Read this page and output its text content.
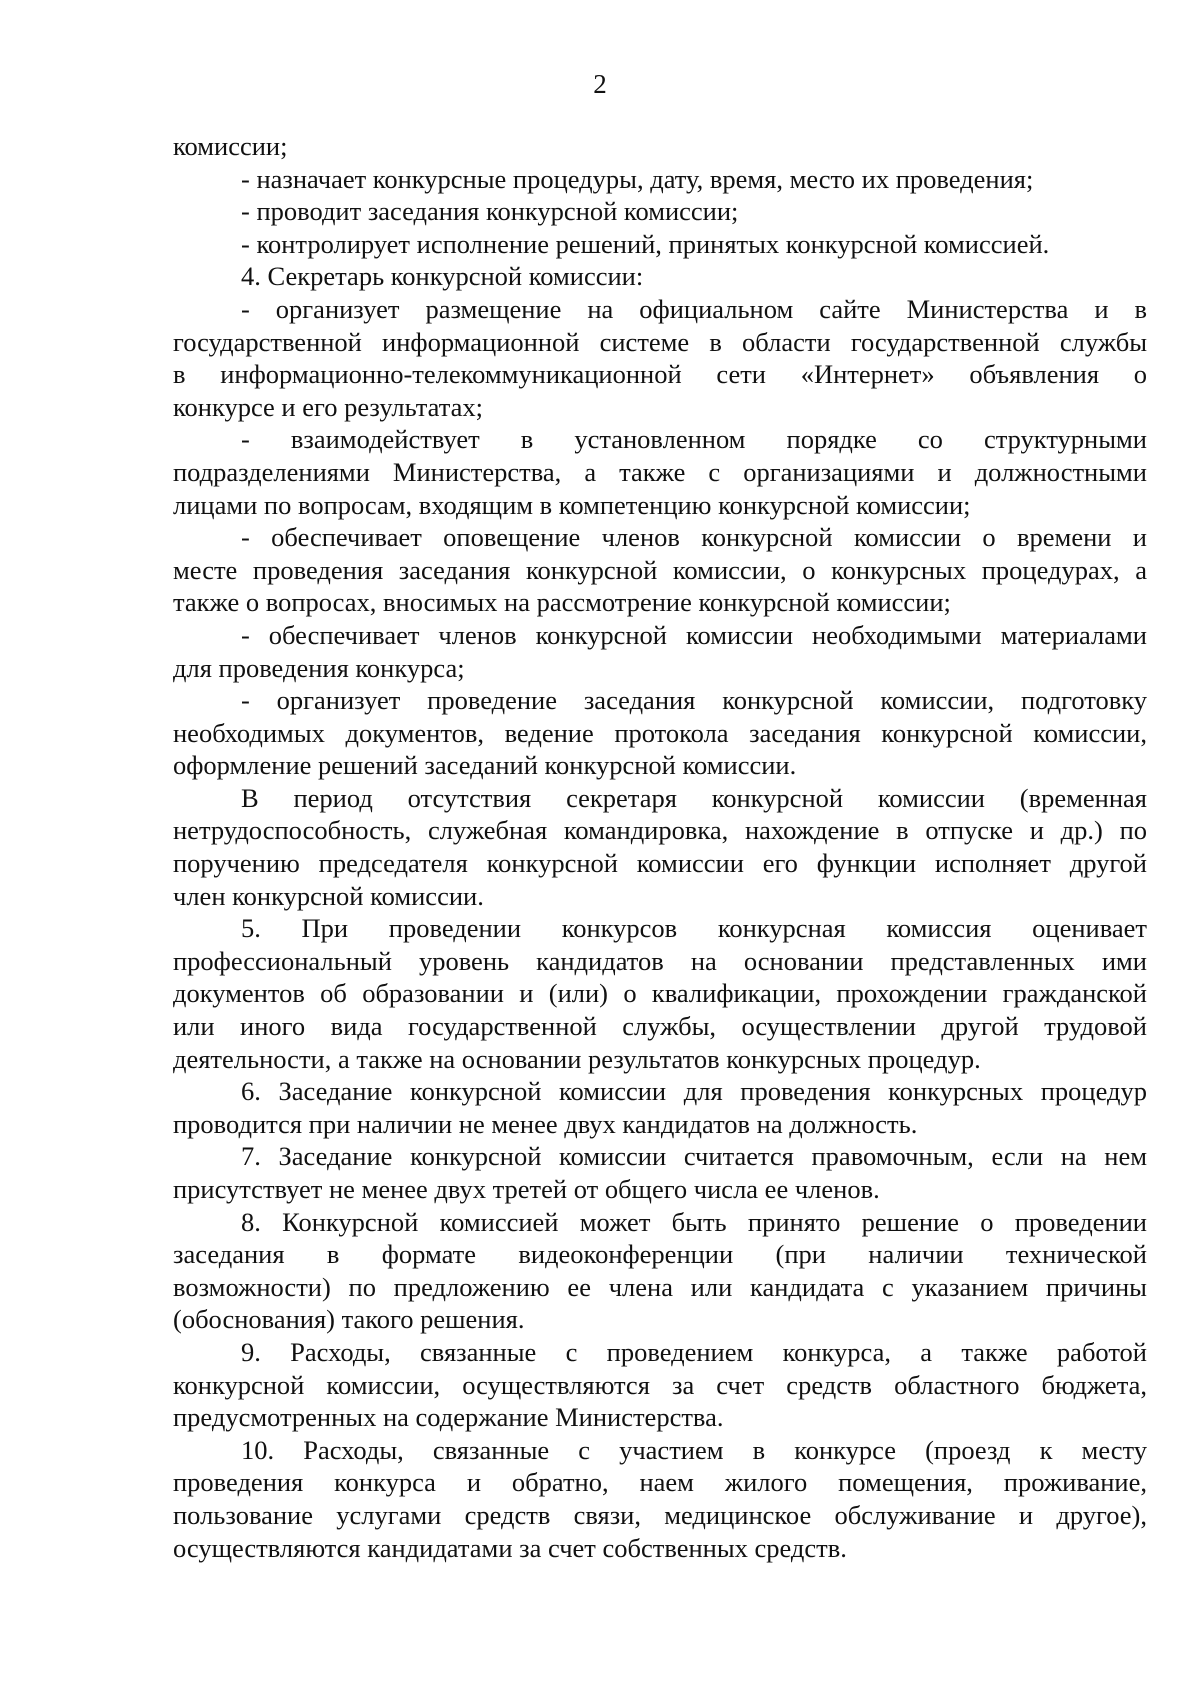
2
комиссии;
- назначает конкурсные процедуры, дату, время, место их проведения;
- проводит заседания конкурсной комиссии;
- контролирует исполнение решений, принятых конкурсной комиссией.
4. Секретарь конкурсной комиссии:
- организует размещение на официальном сайте Министерства и в
государственной информационной системе в области государственной службы
в информационно-телекоммуникационной сети «Интернет» объявления о
конкурсе и его результатах;
- взаимодействует в установленном порядке со структурными
подразделениями Министерства, а также с организациями и должностными
лицами по вопросам, входящим в компетенцию конкурсной комиссии;
- обеспечивает оповещение членов конкурсной комиссии о времени и
месте проведения заседания конкурсной комиссии, о конкурсных процедурах, а
также о вопросах, вносимых на рассмотрение конкурсной комиссии;
- обеспечивает членов конкурсной комиссии необходимыми материалами
для проведения конкурса;
- организует проведение заседания конкурсной комиссии, подготовку
необходимых документов, ведение протокола заседания конкурсной комиссии,
оформление решений заседаний конкурсной комиссии.
В период отсутствия секретаря конкурсной комиссии (временная
нетрудоспособность, служебная командировка, нахождение в отпуске и др.) по
поручению председателя конкурсной комиссии его функции исполняет другой
член конкурсной комиссии.
5. При проведении конкурсов конкурсная комиссия оценивает
профессиональный уровень кандидатов на основании представленных ими
документов об образовании и (или) о квалификации, прохождении гражданской
или иного вида государственной службы, осуществлении другой трудовой
деятельности, а также на основании результатов конкурсных процедур.
6. Заседание конкурсной комиссии для проведения конкурсных процедур
проводится при наличии не менее двух кандидатов на должность.
7. Заседание конкурсной комиссии считается правомочным, если на нем
присутствует не менее двух третей от общего числа ее членов.
8. Конкурсной комиссией может быть принято решение о проведении
заседания в формате видеоконференции (при наличии технической
возможности) по предложению ее члена или кандидата с указанием причины
(обоснования) такого решения.
9. Расходы, связанные с проведением конкурса, а также работой
конкурсной комиссии, осуществляются за счет средств областного бюджета,
предусмотренных на содержание Министерства.
10. Расходы, связанные с участием в конкурсе (проезд к месту
проведения конкурса и обратно, наем жилого помещения, проживание,
пользование услугами средств связи, медицинское обслуживание и другое),
осуществляются кандидатами за счет собственных средств.
